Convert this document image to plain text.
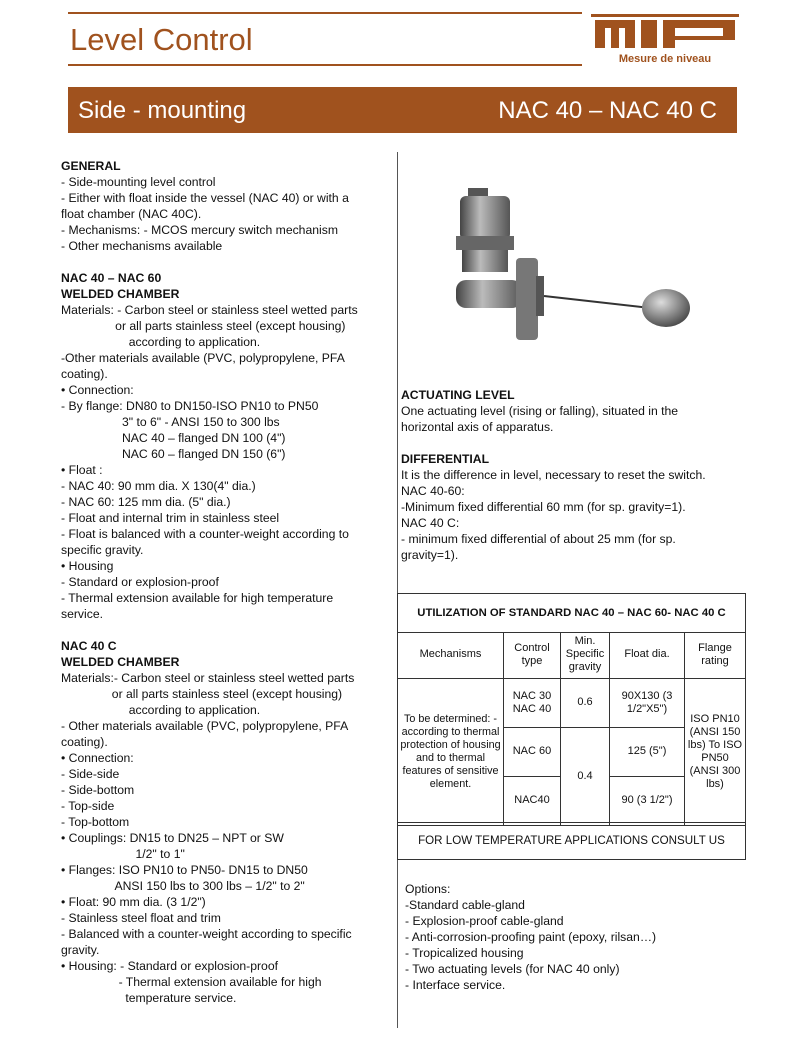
Level Control
Mesure de niveau
Side - mounting	NAC 40 – NAC 40 C

GENERAL

- Side-mounting level control

- Either with float inside the vessel (NAC 40) or with a

float chamber (NAC 40C).

- Mechanisms: - MCOS mercury switch mechanism

- Other mechanisms available

NAC 40 – NAC 60

WELDED CHAMBER

Materials: - Carbon steel or stainless steel wetted parts

or all parts stainless steel (except housing)

according to application.

-Other materials available (PVC, polypropylene, PFA

coating).

• Connection:

- By flange: DN80 to DN150-ISO PN10 to PN50

3" to 6" - ANSI 150 to 300 lbs

NAC 40 – flanged DN 100 (4")

NAC 60 – flanged DN 150 (6")

• Float :

- NAC 40: 90 mm dia. X 130(4" dia.)

- NAC 60: 125 mm dia. (5" dia.)

- Float and internal trim in stainless steel

- Float is balanced with a counter-weight according to

specific gravity.

• Housing

- Standard or explosion-proof

- Thermal extension available for high temperature

service.

NAC 40 C

WELDED CHAMBER

Materials:- Carbon steel or stainless steel wetted parts

or all parts stainless steel (except housing)

according to application.

- Other materials available (PVC, polypropylene, PFA

coating).

• Connection:

- Side-side

- Side-bottom

- Top-side

- Top-bottom

• Couplings: DN15 to DN25 – NPT or SW

1/2" to 1"

• Flanges: ISO PN10 to PN50- DN15 to DN50

ANSI 150 lbs to 300 lbs – 1/2" to 2"

• Float: 90 mm dia. (3 1/2")

- Stainless steel float and trim

- Balanced with a counter-weight according to specific

gravity.

• Housing: - Standard or explosion-proof

- Thermal extension available for high

temperature service.

ACTUATING LEVEL

One actuating level (rising or falling), situated in the

horizontal axis of apparatus.

DIFFERENTIAL

It is the difference in level, necessary to reset the switch.

NAC 40-60:

-Minimum fixed differential 60 mm (for sp. gravity=1).

NAC 40 C:

- minimum fixed differential of about 25 mm (for sp.

gravity=1).

UTILIZATION OF STANDARD NAC 40 – NAC 60- NAC 40 C
Mechanisms	Control type	Min. Specific gravity	Float dia.	Flange rating
To be determined: - according to thermal protection of housing and to thermal features of sensitive element.	NAC 30 NAC 40	0.6	90X130 (3 1/2"X5")	ISO PN10 (ANSI 150 lbs) To ISO PN50 (ANSI 300 lbs)
	NAC 60	0.4	125 (5")	
	NAC40		90 (3 1/2")	
FOR LOW TEMPERATURE APPLICATIONS CONSULT US

Options:

-Standard cable-gland

- Explosion-proof cable-gland

- Anti-corrosion-proofing paint (epoxy, rilsan…)

- Tropicalized housing

- Two actuating levels (for NAC 40 only)

- Interface service.
